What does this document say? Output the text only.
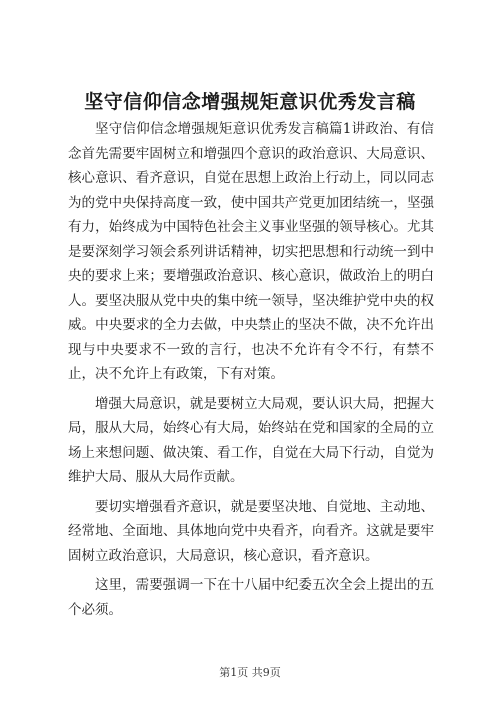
坚守信仰信念增强规矩意识优秀发言稿

坚守信仰信念增强规矩意识优秀发言稿篇1讲政治、有信念首先需要牢固树立和增强四个意识的政治意识、大局意识、核心意识、看齐意识，自觉在思想上政治上行动上，同以同志为的党中央保持高度一致，使中国共产党更加团结统一，坚强有力，始终成为中国特色社会主义事业坚强的领导核心。尤其是要深刻学习领会系列讲话精神，切实把思想和行动统一到中央的要求上来；要增强政治意识、核心意识，做政治上的明白人。要坚决服从党中央的集中统一领导，坚决维护党中央的权威。中央要求的全力去做，中央禁止的坚决不做，决不允许出现与中央要求不一致的言行，也决不允许有令不行，有禁不止，决不允许上有政策，下有对策。

增强大局意识，就是要树立大局观，要认识大局，把握大局，服从大局，始终心有大局，始终站在党和国家的全局的立场上来想问题、做决策、看工作，自觉在大局下行动，自觉为维护大局、服从大局作贡献。

要切实增强看齐意识，就是要坚决地、自觉地、主动地、经常地、全面地、具体地向党中央看齐，向看齐。这就是要牢固树立政治意识，大局意识，核心意识，看齐意识。

这里，需要强调一下在十八届中纪委五次全会上提出的五个必须。

第1页 共9页
